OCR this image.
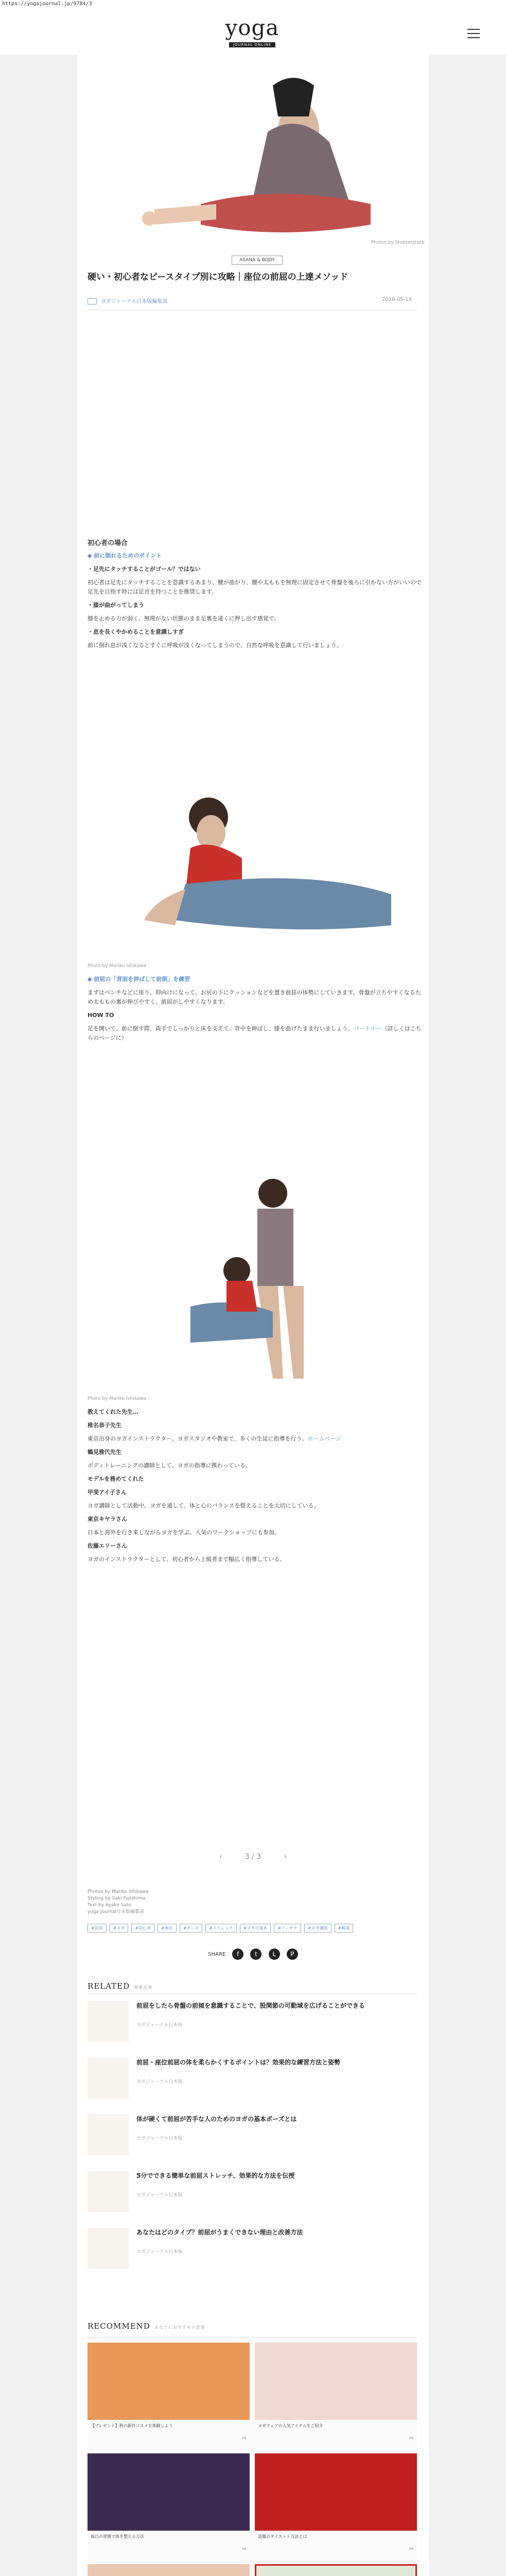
https://yogajournal.jp/9784/3
yoga
JOURNAL ONLINE
Photos by Shutterstock
ASANA & BODY
硬い・初心者なピースタイプ別に攻略｜座位の前屈の上達メソッド
ヨガジャーナル日本版編集部	2018-05-18
初心者の場合

◆ 前に倒れるためのポイント

・足先にタッチすることがゴール？ではない

初心者は足先にタッチすることを意識するあまり、腰が曲がり、腰や太ももを無理に固定させて骨盤を後ろに引かない方がいいので足先を目指す時には足首を持つことを推奨します。

・膝が曲がってしまう

膝を止める力が弱く、無理がない状態のまま足裏を遠くに押し出す感覚で。

・息を長くやかめることを意識しすぎ

前に倒れ息が浅くなるとすぐに呼吸が浅くなってしまうので、自然な呼吸を意識して行いましょう。

Photo by Mariko Ishikawa

◆ 前屈の「背面を伸ばして前倒」を練習

まずはベンチなどに座り、仰向けになって、お尻の下にクッションなどを置き前屈の体勢にしていきます。骨盤が立ちやすくなるため太ももの裏が伸びやすく、前屈がしやすくなります。

HOW TO

足を開いて、前に倒す際、両手でしっかりと床を支えて、背中を伸ばし、膝を曲げたまま行いましょう。パートナー（詳しくはこちらのページに）

Photo by Mariko Ishikawa

教えてくれた先生…

椎名恭子先生

東京出身のヨガインストラクター。ヨガスタジオや教室で、多くの生徒に指導を行う。ホームページ

鶴見雅代先生

ボディトレーニングの講師として、ヨガの指導に携わっている。

モデルを務めてくれた

甲斐アイ子さん

ヨガ講師として活動中。ヨガを通して、体と心のバランスを整えることを大切にしている。

東京キヤラさん

日本と海外を行き来しながらヨガを学ぶ。人気のワークショップにも参加。

佐藤エリーさん

ヨガのインストラクターとして、初心者から上級者まで幅広く指導している。

‹	3 / 3	›
Photos by Mariko Ishikawa
Styling by Saki Fujishima
Text by Ayako Sato
yoga Journal日本版編集部
#前屈	#ヨガ	#初心者	#座位	#ポーズ	#ストレッチ	#ヨガの基本	#アーサナ	#ヨガ講座	#解説
SHARE f	t L P
RELATED 関連記事
前屈をしたら骨盤の前傾を意識することで、股関節の可動域を広げることができる
ヨガジャーナル日本版
前屈・座位前屈の体を柔らかくするポイントは？効果的な練習方法と姿勢
ヨガジャーナル日本版
体が硬くて前屈が苦手な人のためのヨガの基本ポーズとは
ヨガジャーナル日本版
5分でできる簡単な前屈ストレッチ、効果的な方法を伝授
ヨガジャーナル日本版
あなたはどのタイプ？前屈がうまくできない理由と改善方法
ヨガジャーナル日本版
RECOMMEND あなたにおすすめの記事
【プレゼント】秋の新作コスメを体験しよう
PR
ヨガウェアの人気アイテムをご紹介
PR
毎日の習慣で体を整える方法
PR
話題のダイエット方法とは
PR
